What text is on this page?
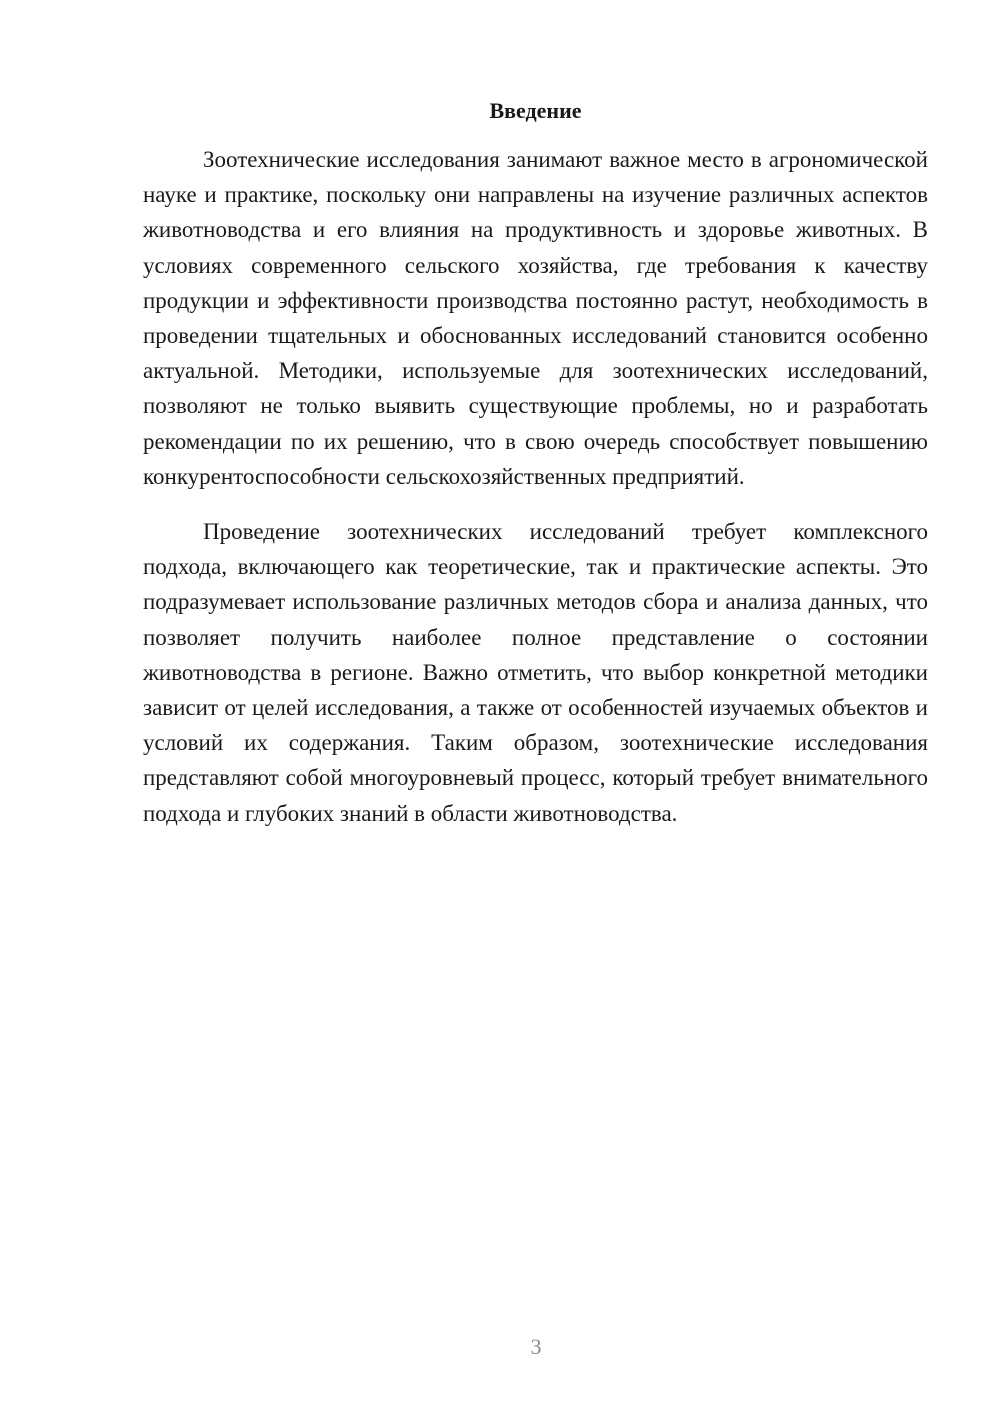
Введение

Зоотехнические исследования занимают важное место в агрономической науке и практике, поскольку они направлены на изучение различных аспектов животноводства и его влияния на продуктивность и здоровье животных. В условиях современного сельского хозяйства, где требования к качеству продукции и эффективности производства постоянно растут, необходимость в проведении тщательных и обоснованных исследований становится особенно актуальной. Методики, используемые для зоотехнических исследований, позволяют не только выявить существующие проблемы, но и разработать рекомендации по их решению, что в свою очередь способствует повышению конкурентоспособности сельскохозяйственных предприятий.

Проведение зоотехнических исследований требует комплексного подхода, включающего как теоретические, так и практические аспекты. Это подразумевает использование различных методов сбора и анализа данных, что позволяет получить наиболее полное представление о состоянии животноводства в регионе. Важно отметить, что выбор конкретной методики зависит от целей исследования, а также от особенностей изучаемых объектов и условий их содержания. Таким образом, зоотехнические исследования представляют собой многоуровневый процесс, который требует внимательного подхода и глубоких знаний в области животноводства.

3
